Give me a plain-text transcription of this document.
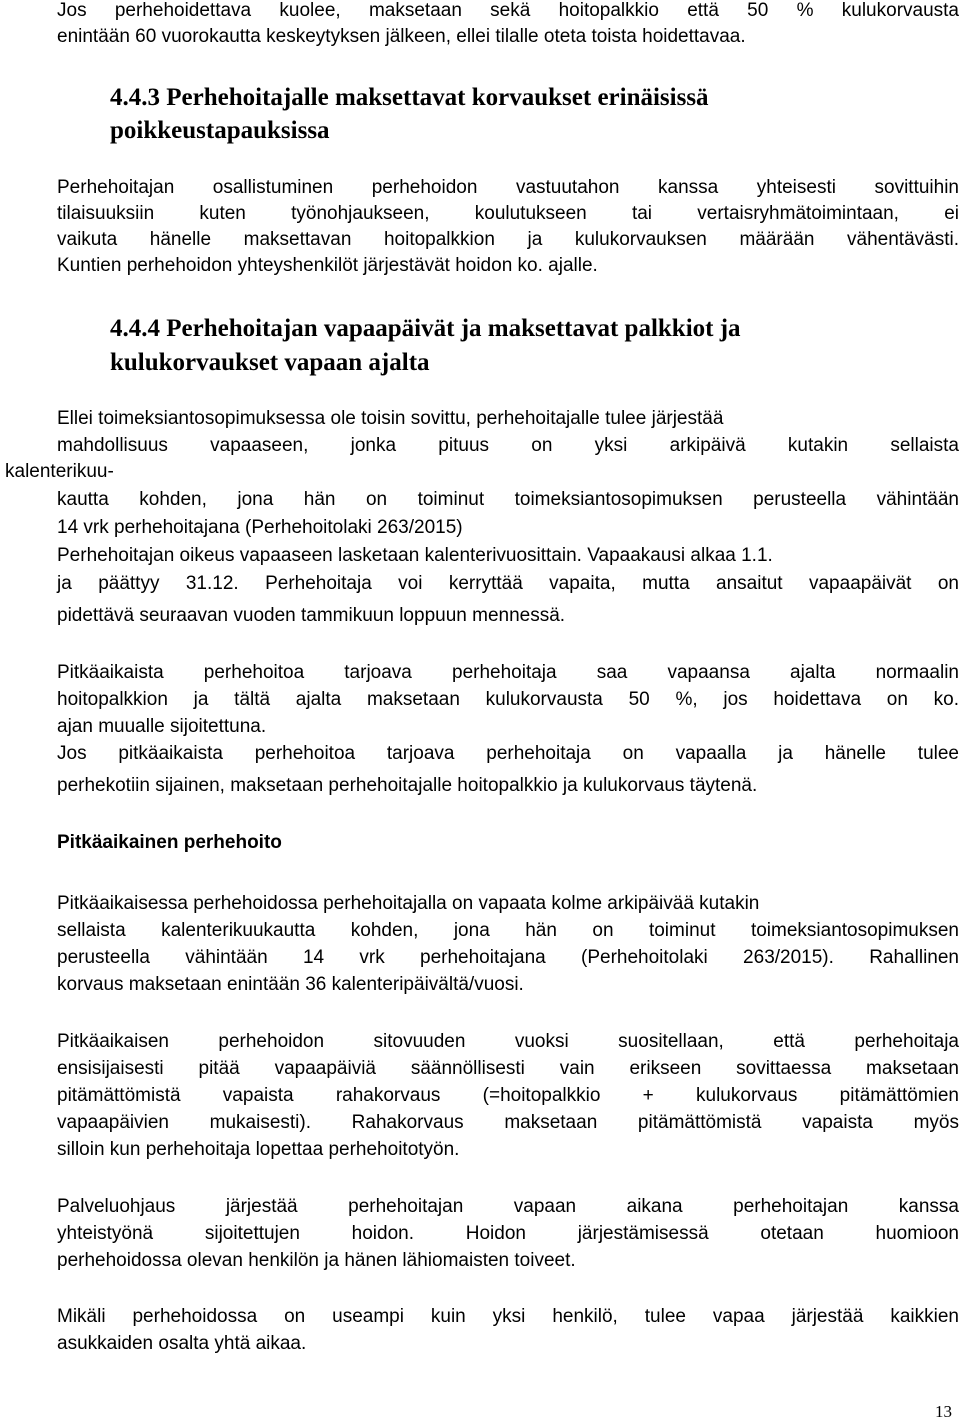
Jos perhehoidettava kuolee, maksetaan sekä hoitopalkkio että 50 % kulukorvausta

enintään 60 vuorokautta keskeytyksen jälkeen, ellei tilalle oteta toista hoidettavaa.

4.4.3 Perhehoitajalle maksettavat korvaukset erinäisissä

poikkeustapauksissa

Perhehoitajan osallistuminen perhehoidon vastuutahon kanssa yhteisesti sovittuihin

tilaisuuksiin kuten työnohjaukseen, koulutukseen tai vertaisryhmätoimintaan, ei

vaikuta hänelle maksettavan hoitopalkkion ja kulukorvauksen määrään vähentävästi.

Kuntien perhehoidon yhteyshenkilöt järjestävät hoidon ko. ajalle.

4.4.4 Perhehoitajan vapaapäivät ja maksettavat palkkiot ja

kulukorvaukset vapaan ajalta

Ellei toimeksiantosopimuksessa ole toisin sovittu, perhehoitajalle tulee järjestää

mahdollisuus vapaaseen, jonka pituus on yksi arkipäivä kutakin sellaista

kalenterikuu-

kautta kohden, jona hän on toiminut toimeksiantosopimuksen perusteella vähintään

14 vrk perhehoitajana (Perhehoitolaki 263/2015)

Perhehoitajan oikeus vapaaseen lasketaan kalenterivuosittain. Vapaakausi alkaa 1.1.

ja päättyy 31.12. Perhehoitaja voi kerryttää vapaita, mutta ansaitut vapaapäivät on

pidettävä seuraavan vuoden tammikuun loppuun mennessä.

Pitkäaikaista perhehoitoa tarjoava perhehoitaja saa vapaansa ajalta normaalin

hoitopalkkion ja tältä ajalta maksetaan kulukorvausta 50 %, jos hoidettava on ko.

ajan muualle sijoitettuna.

Jos pitkäaikaista perhehoitoa tarjoava perhehoitaja on vapaalla ja hänelle tulee

perhekotiin sijainen, maksetaan perhehoitajalle hoitopalkkio ja kulukorvaus täytenä.

Pitkäaikainen perhehoito

Pitkäaikaisessa perhehoidossa perhehoitajalla on vapaata kolme arkipäivää kutakin

sellaista kalenterikuukautta kohden, jona hän on toiminut toimeksiantosopimuksen

perusteella vähintään 14 vrk perhehoitajana (Perhehoitolaki 263/2015). Rahallinen

korvaus maksetaan enintään 36 kalenteripäivältä/vuosi.

Pitkäaikaisen perhehoidon sitovuuden vuoksi suositellaan, että perhehoitaja

ensisijaisesti pitää vapaapäiviä säännöllisesti vain erikseen sovittaessa maksetaan

pitämättömistä vapaista rahakorvaus (=hoitopalkkio + kulukorvaus pitämättömien

vapaapäivien mukaisesti). Rahakorvaus maksetaan pitämättömistä vapaista myös

silloin kun perhehoitaja lopettaa perhehoitotyön.

Palveluohjaus järjestää perhehoitajan vapaan aikana perhehoitajan kanssa

yhteistyönä sijoitettujen hoidon. Hoidon järjestämisessä otetaan huomioon

perhehoidossa olevan henkilön ja hänen lähiomaisten toiveet.

Mikäli perhehoidossa on useampi kuin yksi henkilö, tulee vapaa järjestää kaikkien

asukkaiden osalta yhtä aikaa.

13
